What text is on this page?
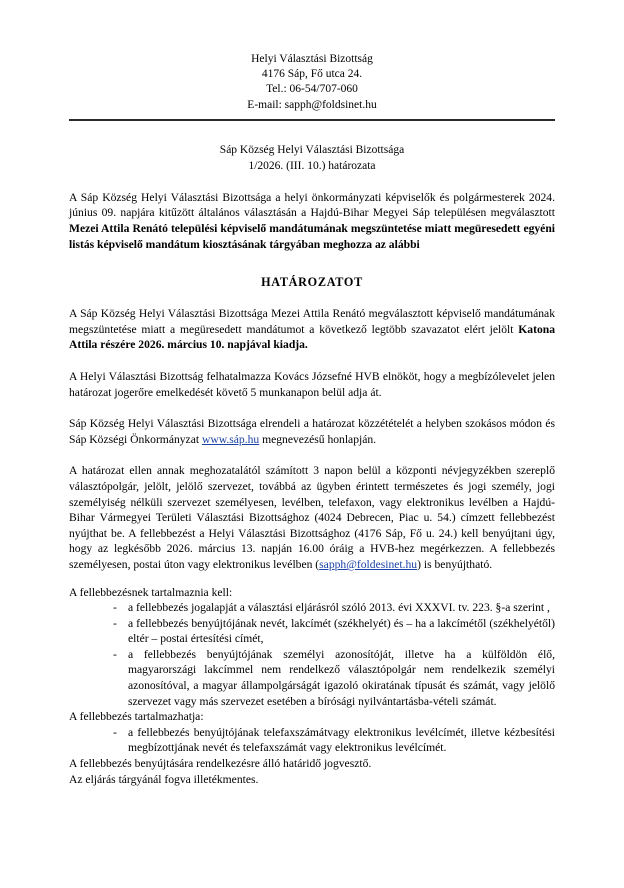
Helyi Választási Bizottság
4176 Sáp, Fő utca 24.
Tel.: 06-54/707-060
E-mail: sapph@foldsinet.hu
Sáp Község Helyi Választási Bizottsága
1/2026. (III. 10.) határozata

A Sáp Község Helyi Választási Bizottsága a helyi önkormányzati képviselők és polgármesterek 2024. június 09. napjára kitűzött általános választásán a Hajdú-Bihar Megyei Sáp településen megválasztott Mezei Attila Renátó települési képviselő mandátumának megszüntetése miatt megüresedett egyéni listás képviselő mandátum kiosztásának tárgyában meghozza az alábbi

HATÁROZATOT

A Sáp Község Helyi Választási Bizottsága Mezei Attila Renátó megválasztott képviselő mandátumának megszüntetése miatt a megüresedett mandátumot a következő legtöbb szavazatot elért jelölt Katona Attila részére 2026. március 10. napjával kiadja.

A Helyi Választási Bizottság felhatalmazza Kovács Józsefné HVB elnököt, hogy a megbízólevelet jelen határozat jogerőre emelkedését követő 5 munkanapon belül adja át.

Sáp Község Helyi Választási Bizottsága elrendeli a határozat közzétételét a helyben szokásos módon és Sáp Községi Önkormányzat www.sáp.hu megnevezésű honlapján.

A határozat ellen annak meghozatalától számított 3 napon belül a központi névjegyzékben szereplő választópolgár, jelölt, jelölő szervezet, továbbá az ügyben érintett természetes és jogi személy, jogi személyiség nélküli szervezet személyesen, levélben, telefaxon, vagy elektronikus levélben a Hajdú- Bihar Vármegyei Területi Választási Bizottsághoz (4024 Debrecen, Piac u. 54.) címzett fellebbezést nyújthat be. A fellebbezést a Helyi Választási Bizottsághoz (4176 Sáp, Fő u. 24.) kell benyújtani úgy, hogy az legkésőbb 2026. március 13. napján 16.00 óráig a HVB-hez megérkezzen. A fellebbezés személyesen, postai úton vagy elektronikus levélben (sapph@foldesinet.hu) is benyújtható.

A fellebbezésnek tartalmaznia kell:

- a fellebbezés jogalapját a választási eljárásról szóló 2013. évi XXXVI. tv. 223. §-a szerint ,
- a fellebbezés benyújtójának nevét, lakcímét (székhelyét) és – ha a lakcímétől (székhelyétől) eltér – postai értesítési címét,
- a fellebbezés benyújtójának személyi azonosítóját, illetve ha a külföldön élő, magyarországi lakcímmel nem rendelkező választópolgár nem rendelkezik személyi azonosítóval, a magyar állampolgárságát igazoló okiratának típusát és számát, vagy jelölő szervezet vagy más szervezet esetében a bírósági nyilvántartásba-vételi számát.

A fellebbezés tartalmazhatja:

- a fellebbezés benyújtójának telefaxszámátvagy elektronikus levélcímét, illetve kézbesítési megbízottjának nevét és telefaxszámát vagy elektronikus levélcímét.

A fellebbezés benyújtására rendelkezésre álló határidő jogvesztő.

Az eljárás tárgyánál fogva illetékmentes.
